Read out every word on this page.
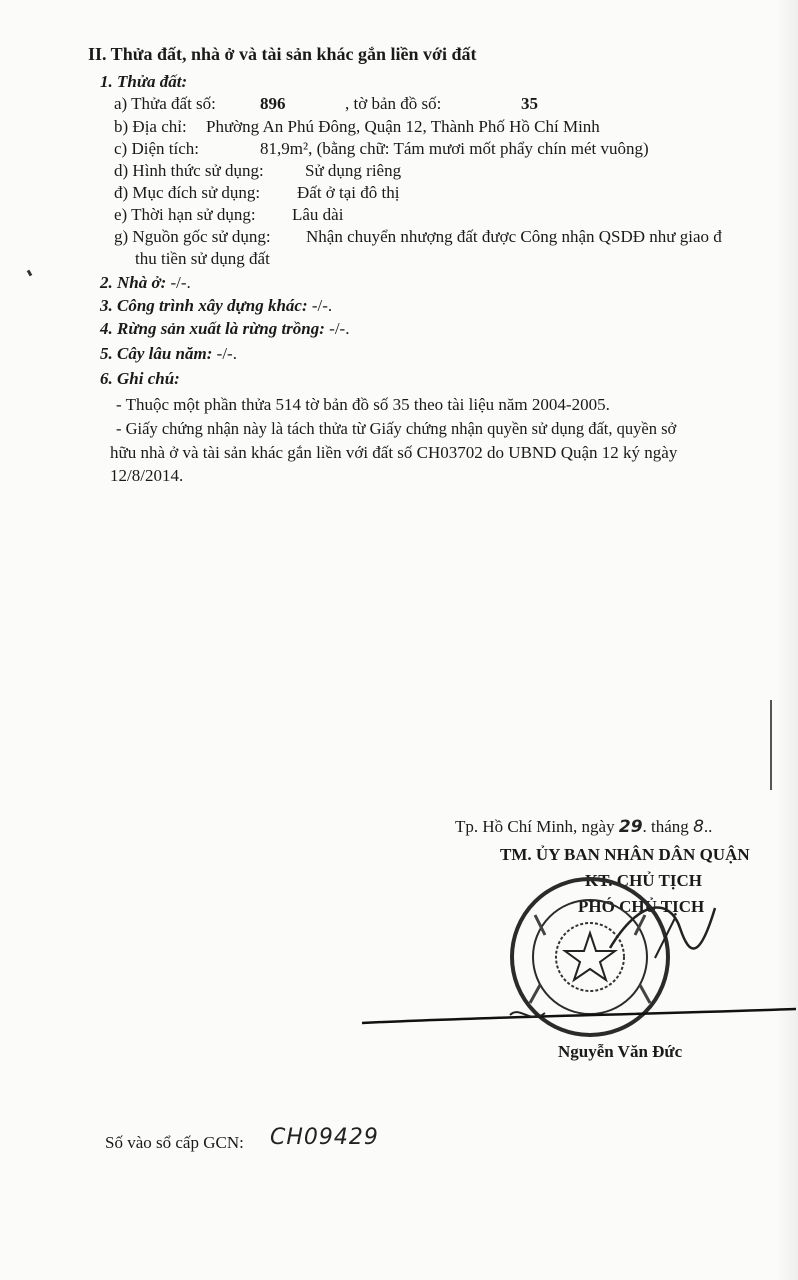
II. Thửa đất, nhà ở và tài sản khác gắn liền với đất
1. Thửa đất:
a) Thửa đất số:	896	, tờ bản đồ số:	35
b) Địa chỉ: Phường An Phú Đông, Quận 12, Thành Phố Hồ Chí Minh
c) Diện tích:	81,9m², (bằng chữ: Tám mươi mốt phẩy chín mét vuông)
d) Hình thức sử dụng: Sử dụng riêng
đ) Mục đích sử dụng: Đất ở tại đô thị
e) Thời hạn sử dụng: Lâu dài
g) Nguồn gốc sử dụng: Nhận chuyển nhượng đất được Công nhận QSDĐ như giao đ
thu tiền sử dụng đất
2. Nhà ở: -/-.
3. Công trình xây dựng khác: -/-.
4. Rừng sản xuất là rừng trồng: -/-.
5. Cây lâu năm: -/-.
6. Ghi chú:
- Thuộc một phần thửa 514 tờ bản đồ số 35 theo tài liệu năm 2004-2005.
- Giấy chứng nhận này là tách thửa từ Giấy chứng nhận quyền sử dụng đất, quyền sở
hữu nhà ở và tài sản khác gắn liền với đất số CH03702 do UBND Quận 12 ký ngày
12/8/2014.
Tp. Hồ Chí Minh, ngày 29. tháng 8..
TM. ỦY BAN NHÂN DÂN QUẬN
KT. CHỦ TỊCH
PHÓ CHỦ TỊCH
Nguyễn Văn Đức
Số vào sổ cấp GCN: CH09429
